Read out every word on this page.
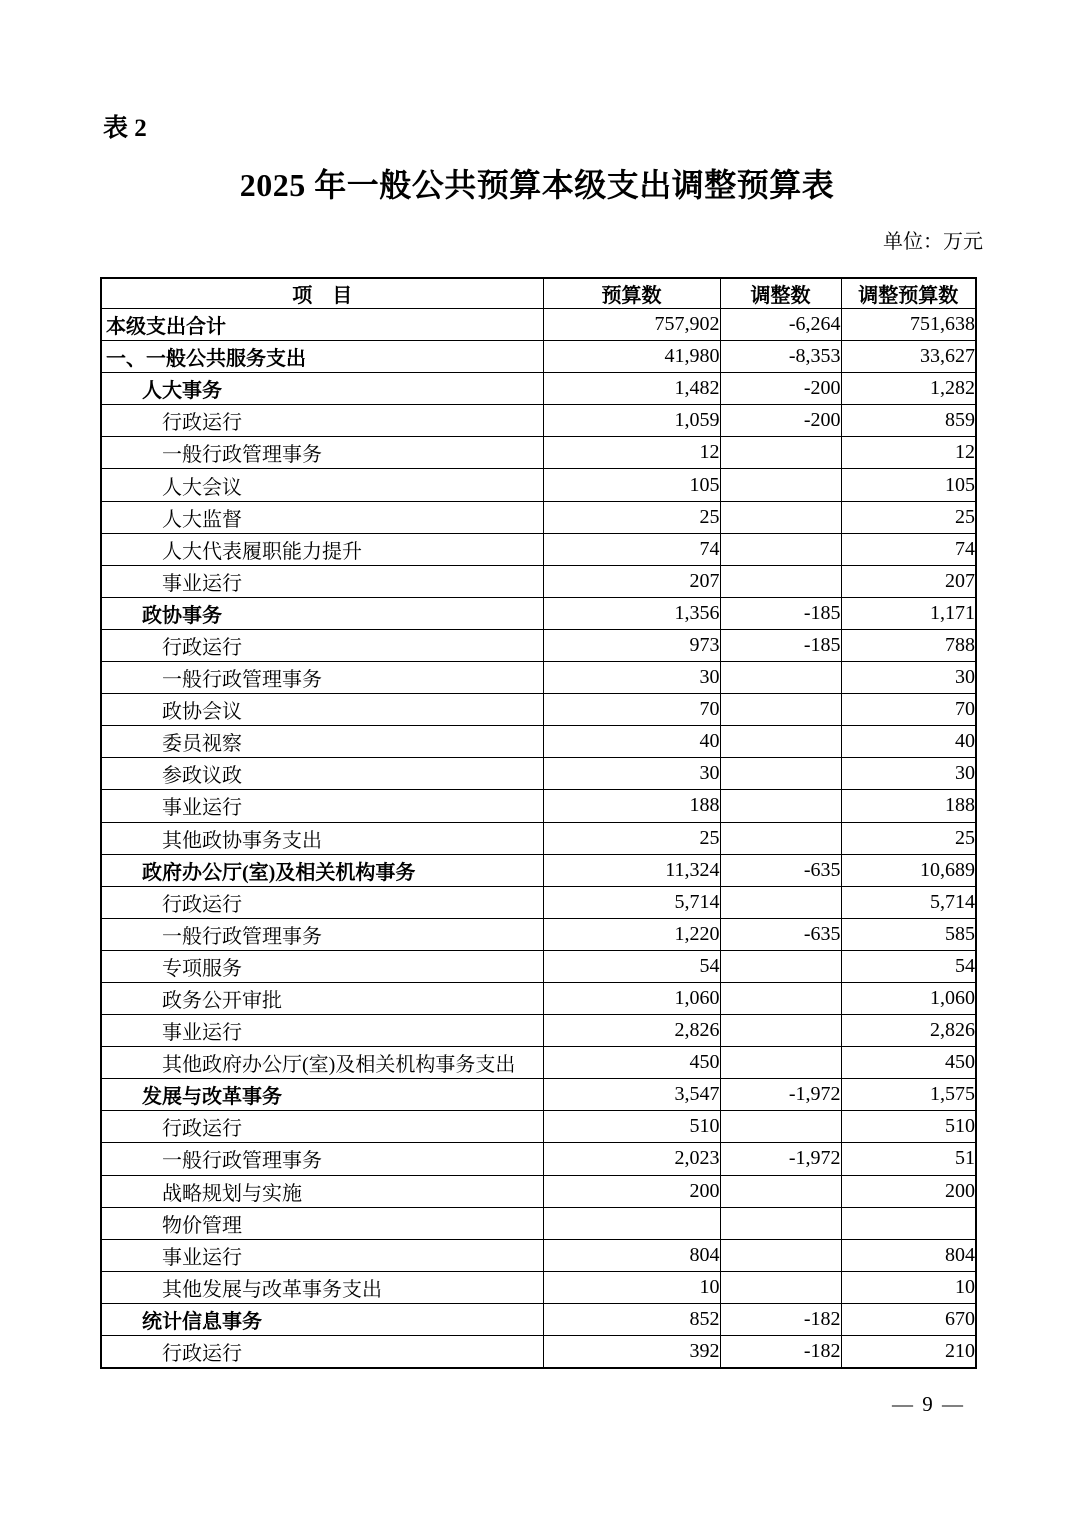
表 2
2025 年一般公共预算本级支出调整预算表
单位：万元
项　目	预算数	调整数	调整预算数
本级支出合计	757,902	-6,264	751,638
一、一般公共服务支出	41,980	-8,353	33,627
人大事务	1,482	-200	1,282
行政运行	1,059	-200	859
一般行政管理事务	12		12
人大会议	105		105
人大监督	25		25
人大代表履职能力提升	74		74
事业运行	207		207
政协事务	1,356	-185	1,171
行政运行	973	-185	788
一般行政管理事务	30		30
政协会议	70		70
委员视察	40		40
参政议政	30		30
事业运行	188		188
其他政协事务支出	25		25
政府办公厅(室)及相关机构事务	11,324	-635	10,689
行政运行	5,714		5,714
一般行政管理事务	1,220	-635	585
专项服务	54		54
政务公开审批	1,060		1,060
事业运行	2,826		2,826
其他政府办公厅(室)及相关机构事务支出	450		450
发展与改革事务	3,547	-1,972	1,575
行政运行	510		510
一般行政管理事务	2,023	-1,972	51
战略规划与实施	200		200
物价管理			
事业运行	804		804
其他发展与改革事务支出	10		10
统计信息事务	852	-182	670
行政运行	392	-182	210
— 9 —
